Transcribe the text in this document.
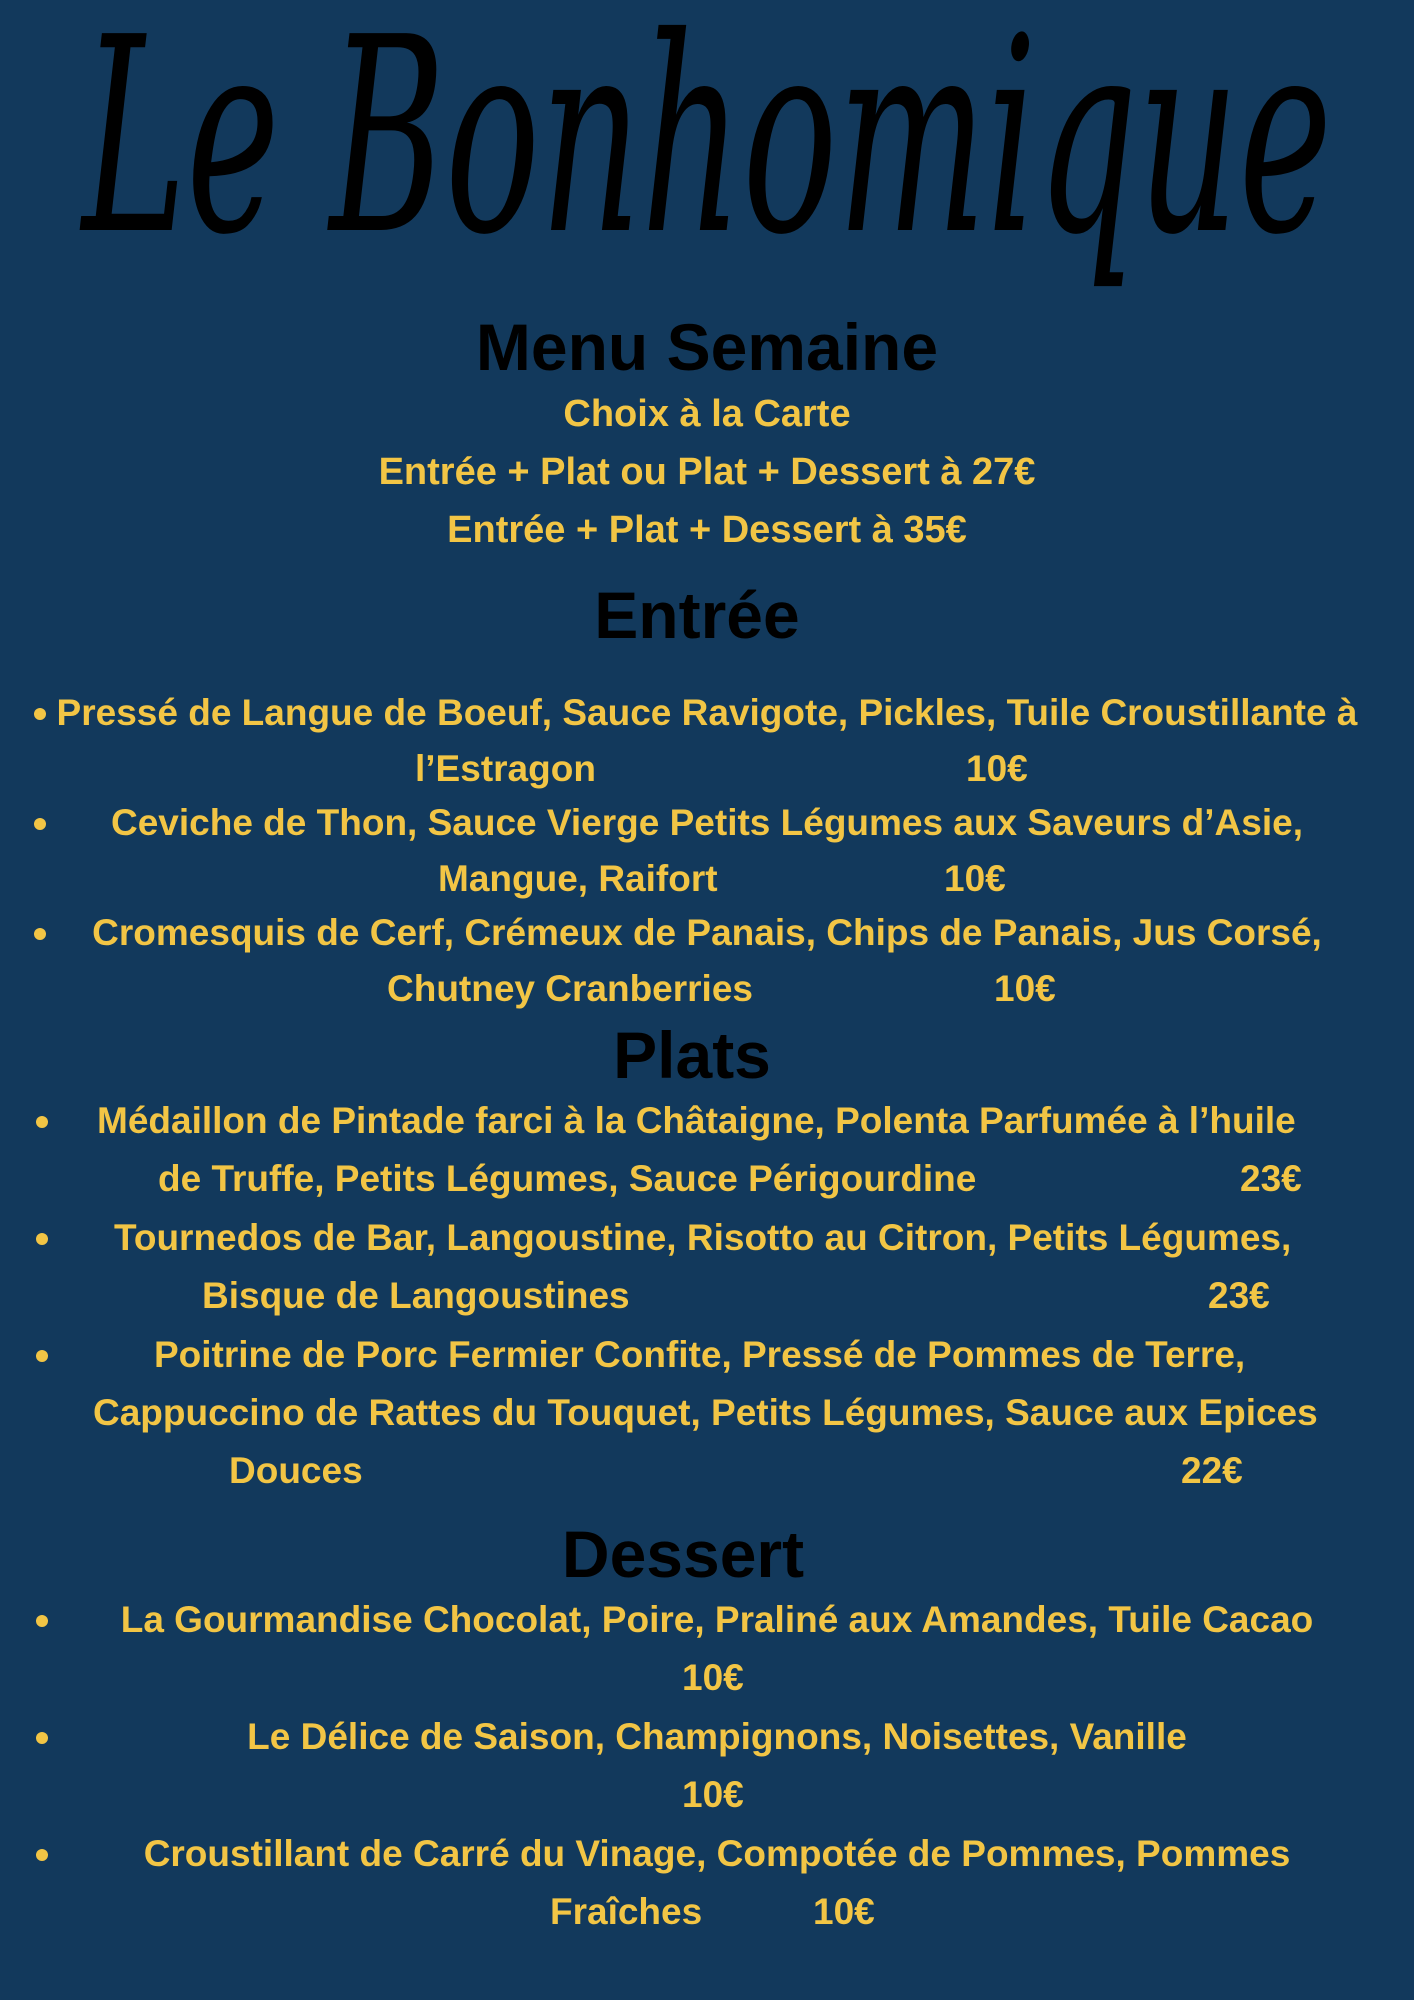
Le Bonhomique
Menu Semaine
Choix à la Carte
Entrée + Plat ou Plat + Dessert à 27€
Entrée + Plat + Dessert à 35€
Entrée
Pressé de Langue de Boeuf, Sauce Ravigote, Pickles, Tuile Croustillante à
l’Estragon	10€
Ceviche de Thon, Sauce Vierge Petits Légumes aux Saveurs d’Asie,
Mangue, Raifort	10€
Cromesquis de Cerf, Crémeux de Panais, Chips de Panais, Jus Corsé,
Chutney Cranberries	10€
Plats
Médaillon de Pintade farci à la Châtaigne, Polenta Parfumée à l’huile
de Truffe, Petits Légumes, Sauce Périgourdine	23€
Tournedos de Bar, Langoustine, Risotto au Citron, Petits Légumes,
Bisque de Langoustines	23€
Poitrine de Porc Fermier Confite, Pressé de Pommes de Terre,
Cappuccino de Rattes du Touquet, Petits Légumes, Sauce aux Epices
Douces	22€
Dessert
La Gourmandise Chocolat, Poire, Praliné aux Amandes, Tuile Cacao
10€
Le Délice de Saison, Champignons, Noisettes, Vanille
10€
Croustillant de Carré du Vinage, Compotée de Pommes, Pommes
Fraîches	10€
